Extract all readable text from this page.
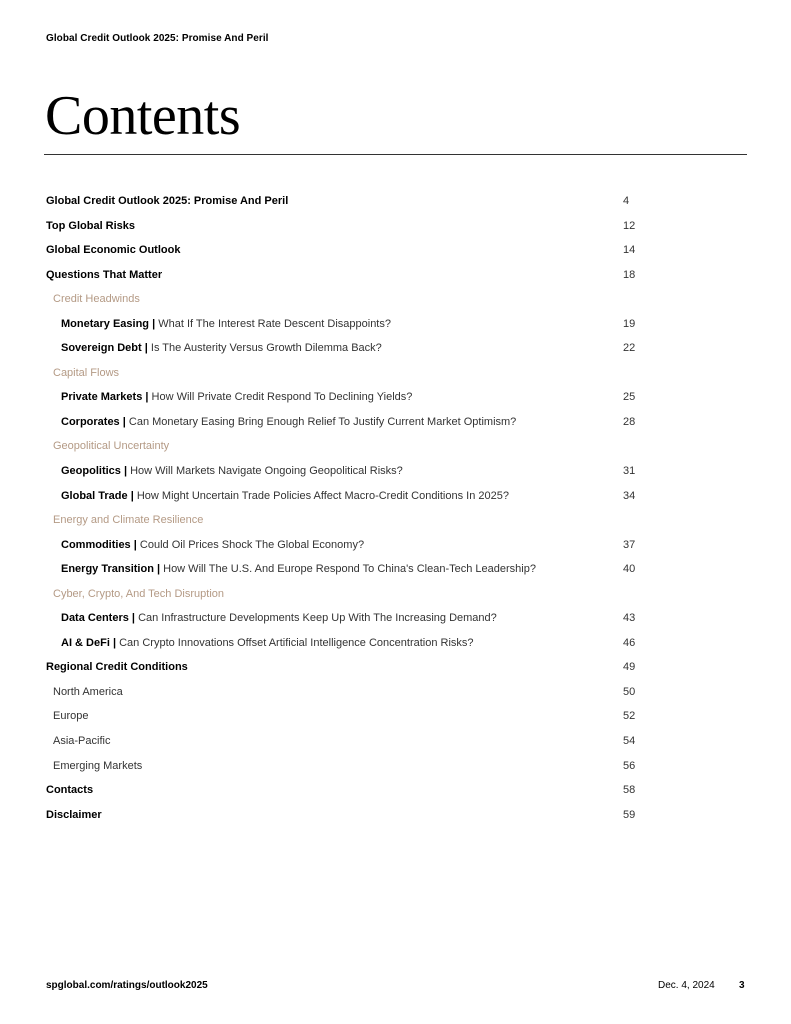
Global Credit Outlook 2025: Promise And Peril
Contents
Global Credit Outlook 2025: Promise And Peril	4
Top Global Risks	12
Global Economic Outlook	14
Questions That Matter	18
Credit Headwinds
Monetary Easing | What If The Interest Rate Descent Disappoints?	19
Sovereign Debt | Is The Austerity Versus Growth Dilemma Back?	22
Capital Flows
Private Markets | How Will Private Credit Respond To Declining Yields?	25
Corporates | Can Monetary Easing Bring Enough Relief To Justify Current Market Optimism?	28
Geopolitical Uncertainty
Geopolitics | How Will Markets Navigate Ongoing Geopolitical Risks?	31
Global Trade | How Might Uncertain Trade Policies Affect Macro-Credit Conditions In 2025?	34
Energy and Climate Resilience
Commodities | Could Oil Prices Shock The Global Economy?	37
Energy Transition | How Will The U.S. And Europe Respond To China's Clean-Tech Leadership?	40
Cyber, Crypto, And Tech Disruption
Data Centers | Can Infrastructure Developments Keep Up With The Increasing Demand?	43
AI & DeFi | Can Crypto Innovations Offset Artificial Intelligence Concentration Risks?	46
Regional Credit Conditions	49
North America	50
Europe	52
Asia-Pacific	54
Emerging Markets	56
Contacts	58
Disclaimer	59
spglobal.com/ratings/outlook2025	Dec. 4, 2024 3
